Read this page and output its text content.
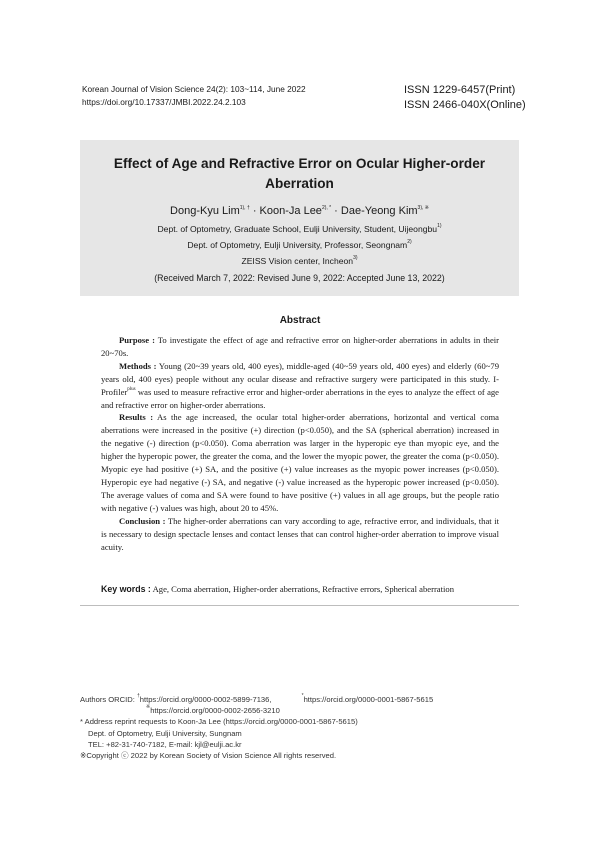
Korean Journal of Vision Science 24(2): 103~114, June 2022
https://doi.org/10.17337/JMBI.2022.24.2.103
ISSN 1229-6457(Print)
ISSN 2466-040X(Online)
Effect of Age and Refractive Error on Ocular Higher-order
Aberration
Dong-Kyu Lim$^{1), \dagger}$ · Koon-Ja Lee$^{2), *}$ · Dae-Yeong Kim$^{3), ※}$
Dept. of Optometry, Graduate School, Eulji University, Student, Uijeongbu$^{1)}$
Dept. of Optometry, Eulji University, Professor, Seongnam$^{2)}$
ZEISS Vision center, Incheon$^{3)}$
(Received March 7, 2022: Revised June 9, 2022: Accepted June 13, 2022)
Abstract

Purpose : To investigate the effect of age and refractive error on higher-order aberrations in adults in their 20~70s.

Methods : Young (20~39 years old, 400 eyes), middle-aged (40~59 years old, 400 eyes) and elderly (60~79 years old, 400 eyes) people without any ocular disease and refractive surgery were participated in this study. I-Profiler$^{plus}$ was used to measure refractive error and higher-order aberrations in the eyes to analyze the effect of age and refractive error on higher-order aberrations.

Results : As the age increased, the ocular total higher-order aberrations, horizontal and vertical coma aberrations were increased in the positive (+) direction (p<0.050), and the SA (spherical aberration) increased in the negative (-) direction (p<0.050). Coma aberration was larger in the hyperopic eye than myopic eye, and the higher the hyperopic power, the greater the coma, and the lower the myopic power, the greater the coma (p<0.050). Myopic eye had positive (+) SA, and the positive (+) value increases as the myopic power increases (p<0.050). Hyperopic eye had negative (-) SA, and negative (-) value increased as the hyperopic power increased (p<0.050). The average values of coma and SA were found to have positive (+) values in all age groups, but the people ratio with negative (-) values was high, about 20 to 45%.

Conclusion : The higher-order aberrations can vary according to age, refractive error, and individuals, that it is necessary to design spectacle lenses and contact lenses that can control higher-order aberration to improve visual acuity.

Key words : Age, Coma aberration, Higher-order aberrations, Refractive errors, Spherical aberration
Authors ORCID: †https://orcid.org/0000-0002-5899-7136,	*https://orcid.org/0000-0001-5867-5615
※https://orcid.org/0000-0002-2656-3210
* Address reprint requests to Koon-Ja Lee (https://orcid.org/0000-0001-5867-5615)
Dept. of Optometry, Eulji University, Sungnam
TEL: +82-31-740-7182, E-mail: kjl@eulji.ac.kr
※Copyright ⓒ 2022 by Korean Society of Vision Science All rights reserved.
